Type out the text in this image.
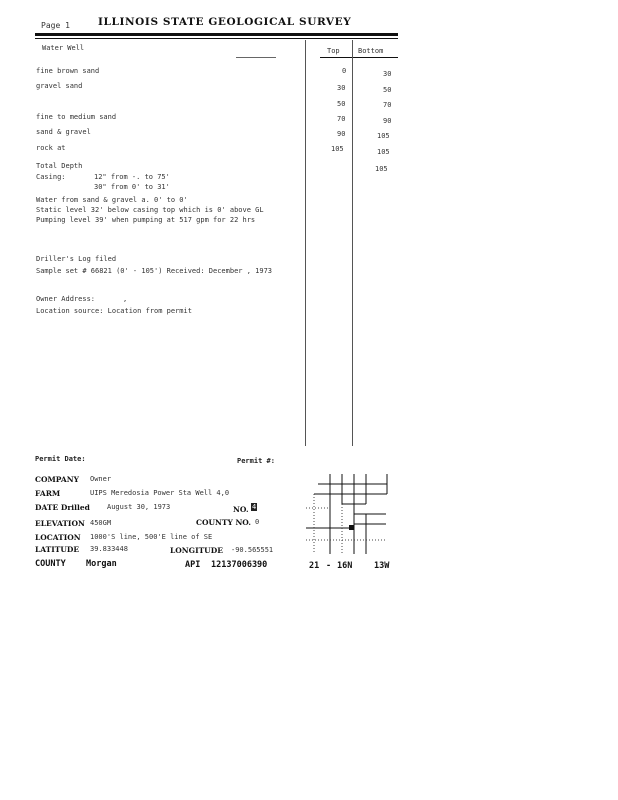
Page 1	ILLINOIS STATE GEOLOGICAL SURVEY
Water Well	Top	Bottom
fine brown sand	0	30
gravel sand	30	50
50	70
fine to medium sand	70	90
sand & gravel	90	105
rock at	105	105
Total Depth	105
Casing:	12" from -. to 75'
30" from 0' to 31'
Water from sand & gravel a. 0' to 0'
Static level 32' below casing top which is 0' above GL
Pumping level 39' when pumping at 517 gpm for 22 hrs
Driller's Log filed
Sample set # 66821 (0' - 105') Received: December , 1973
Owner Address:	,
Location source: Location from permit
Permit Date:	Permit #:
COMPANY Owner
FARM	UIPS Meredosia Power Sta Well 4,0
DATE Drilled August 30, 1973	NO. 4
ELEVATION 450GM	COUNTY NO. 0
LOCATION 1000'S line, 500'E line of SE
LATITUDE 39.833448	LONGITUDE -90.565551
COUNTY Morgan	API 12137006390	21 - 16N	13W
